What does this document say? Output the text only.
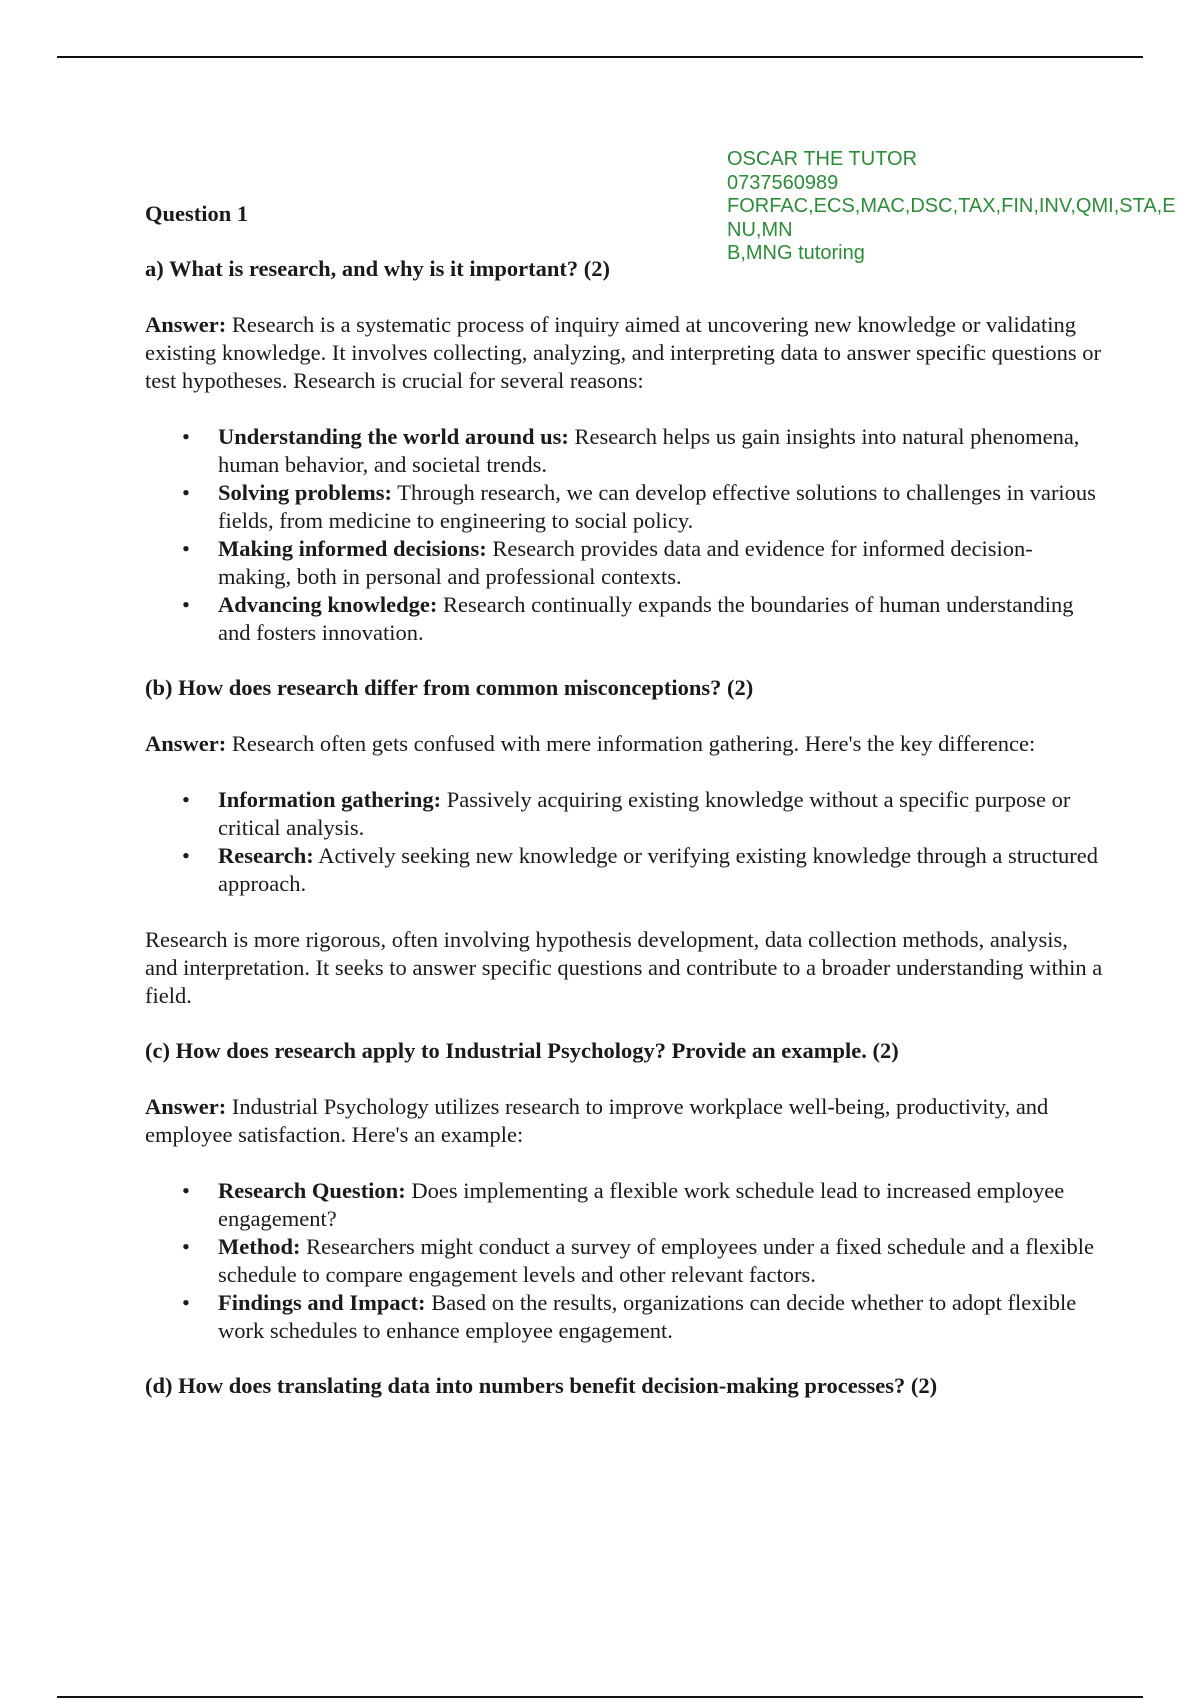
OSCAR THE TUTOR
0737560989
FORFAC,ECS,MAC,DSC,TAX,FIN,INV,QMI,STA,E
NU,MN
B,MNG tutoring
Question 1
a) What is research, and why is it important? (2)

Answer: Research is a systematic process of inquiry aimed at uncovering new knowledge or validating existing knowledge. It involves collecting, analyzing, and interpreting data to answer specific questions or test hypotheses. Research is crucial for several reasons:

• Understanding the world around us: Research helps us gain insights into natural phenomena, human behavior, and societal trends.
• Solving problems: Through research, we can develop effective solutions to challenges in various fields, from medicine to engineering to social policy.
• Making informed decisions: Research provides data and evidence for informed decision-making, both in personal and professional contexts.
• Advancing knowledge: Research continually expands the boundaries of human understanding and fosters innovation.
(b) How does research differ from common misconceptions? (2)

Answer: Research often gets confused with mere information gathering. Here's the key difference:

• Information gathering: Passively acquiring existing knowledge without a specific purpose or critical analysis.
• Research: Actively seeking new knowledge or verifying existing knowledge through a structured approach.

Research is more rigorous, often involving hypothesis development, data collection methods, analysis, and interpretation. It seeks to answer specific questions and contribute to a broader understanding within a field.

(c) How does research apply to Industrial Psychology? Provide an example. (2)

Answer: Industrial Psychology utilizes research to improve workplace well-being, productivity, and employee satisfaction. Here's an example:

• Research Question: Does implementing a flexible work schedule lead to increased employee engagement?
• Method: Researchers might conduct a survey of employees under a fixed schedule and a flexible schedule to compare engagement levels and other relevant factors.
• Findings and Impact: Based on the results, organizations can decide whether to adopt flexible work schedules to enhance employee engagement.
(d) How does translating data into numbers benefit decision-making processes? (2)
